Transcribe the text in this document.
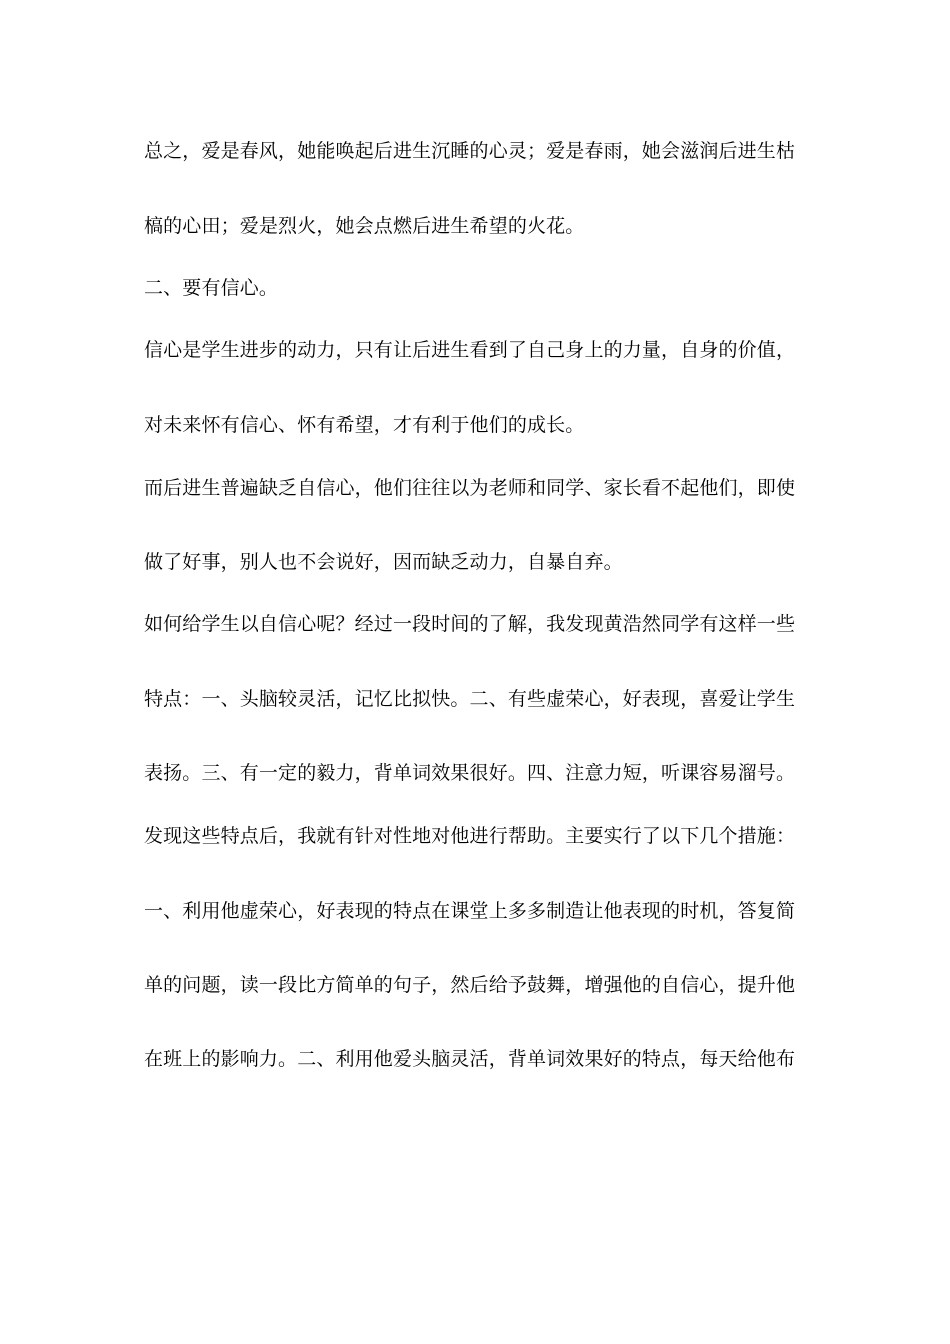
总之，爱是春风，她能唤起后进生沉睡的心灵；爱是春雨，她会滋润后进生枯
槁的心田；爱是烈火，她会点燃后进生希望的火花。
二、要有信心。
信心是学生进步的动力，只有让后进生看到了自己身上的力量，自身的价值，
对未来怀有信心、怀有希望，才有利于他们的成长。
而后进生普遍缺乏自信心，他们往往以为老师和同学、家长看不起他们，即使
做了好事，别人也不会说好，因而缺乏动力，自暴自弃。
如何给学生以自信心呢？经过一段时间的了解，我发现黄浩然同学有这样一些
特点：一、头脑较灵活，记忆比拟快。二、有些虚荣心，好表现，喜爱让学生
表扬。三、有一定的毅力，背单词效果很好。四、注意力短，听课容易溜号。
发现这些特点后，我就有针对性地对他进行帮助。主要实行了以下几个措施：
一、利用他虚荣心，好表现的特点在课堂上多多制造让他表现的时机，答复简
单的问题，读一段比方简单的句子，然后给予鼓舞，增强他的自信心，提升他
在班上的影响力。二、利用他爱头脑灵活，背单词效果好的特点，每天给他布
